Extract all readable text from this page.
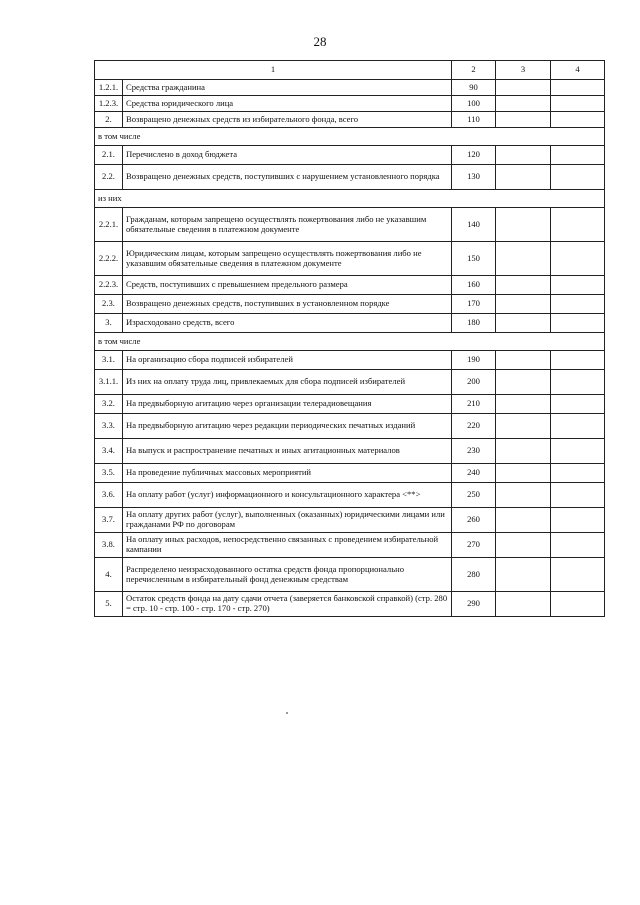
28
1		2	3	4
1.2.1.	Средства гражданина	90		
1.2.3.	Средства юридического лица	100		
2.	Возвращено денежных средств из избирательного фонда, всего	110		
в том числе				
2.1.	Перечислено в доход бюджета	120		
2.2.	Возвращено денежных средств, поступивших с нарушением установленного порядка	130		
из них				
2.2.1.	Гражданам, которым запрещено осуществлять пожертвования либо не указавшим обязательные сведения в платежном документе	140		
2.2.2.	Юридическим лицам, которым запрещено осуществлять пожертвования либо не указавшим обязательные сведения в платежном документе	150		
2.2.3.	Средств, поступивших с превышением предельного размера	160		
2.3.	Возвращено денежных средств, поступивших в установленном порядке	170		
3.	Израсходовано средств, всего	180		
в том числе				
3.1.	На организацию сбора подписей избирателей	190		
3.1.1.	Из них на оплату труда лиц, привлекаемых для сбора подписей избирателей	200		
3.2.	На предвыборную агитацию через организации телерадиовещания	210		
3.3.	На предвыборную агитацию через редакции периодических печатных изданий	220		
3.4.	На выпуск и распространение печатных и иных агитационных материалов	230		
3.5.	На проведение публичных массовых мероприятий	240		
3.6.	На оплату работ (услуг) информационного и консультационного характера <**>	250		
3.7.	На оплату других работ (услуг), выполненных (оказанных) юридическими лицами или гражданами РФ по договорам	260		
3.8.	На оплату иных расходов, непосредственно связанных с проведением избирательной кампании	270		
4.	Распределено неизрасходованного остатка средств фонда пропорционально перечисленным в избирательный фонд денежным средствам	280		
5.	Остаток средств фонда на дату сдачи отчета (заверяется банковской справкой) (стр. 280 = стр. 10 - стр. 100 - стр. 170 - стр. 270)	290		
